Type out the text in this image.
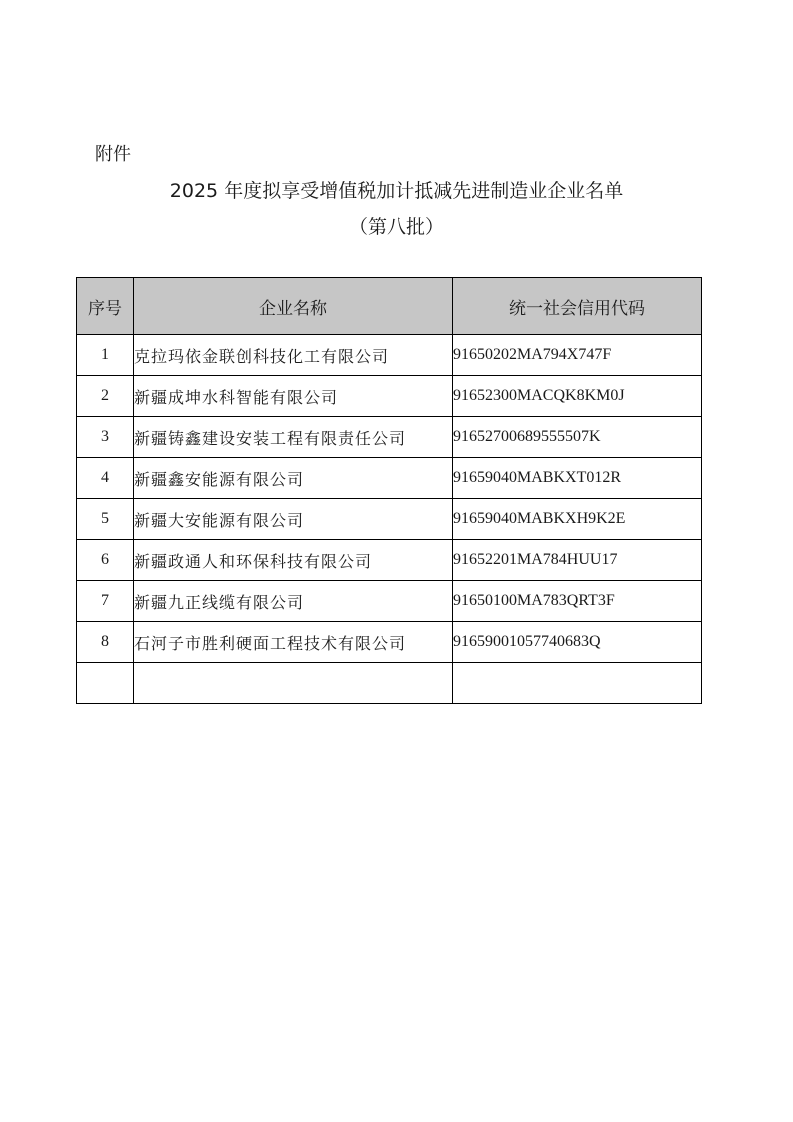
附件
2025 年度拟享受增值税加计抵减先进制造业企业名单
（第八批）
序号	企业名称	统一社会信用代码
1	克拉玛依金联创科技化工有限公司	91650202MA794X747F
2	新疆成坤水科智能有限公司	91652300MACQK8KM0J
3	新疆铸鑫建设安装工程有限责任公司	91652700689555507K
4	新疆鑫安能源有限公司	91659040MABKXT012R
5	新疆大安能源有限公司	91659040MABKXH9K2E
6	新疆政通人和环保科技有限公司	91652201MA784HUU17
7	新疆九正线缆有限公司	91650100MA783QRT3F
8	石河子市胜利硬面工程技术有限公司	91659001057740683Q
